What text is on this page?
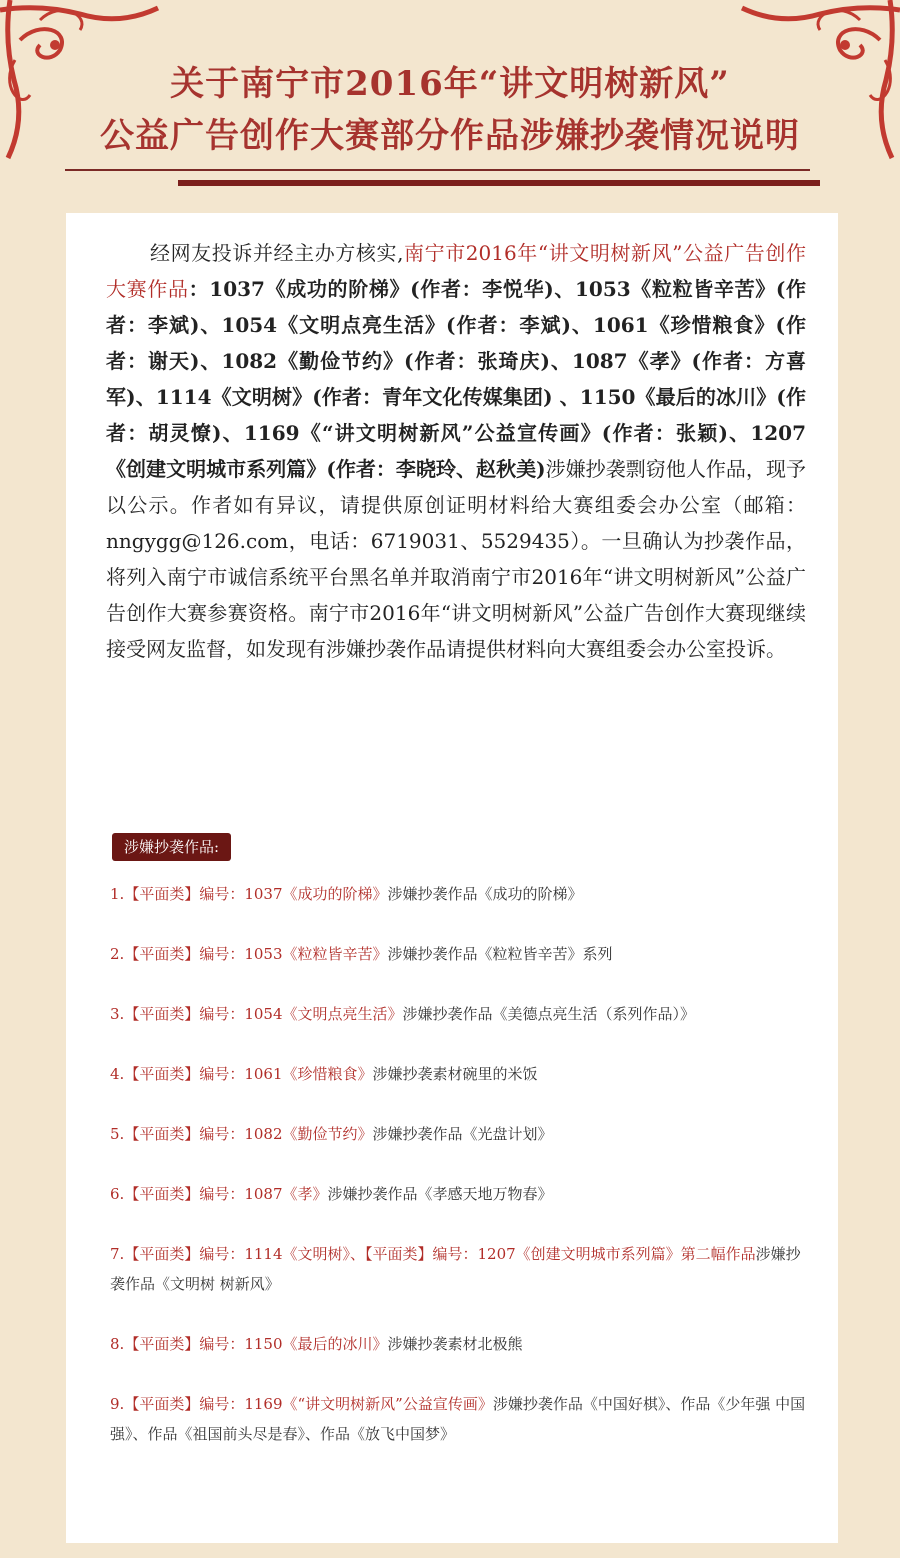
关于南宁市2016年“讲文明树新风”
公益广告创作大赛部分作品涉嫌抄袭情况说明
经网友投诉并经主办方核实,南宁市2016年“讲文明树新风”公益广告创作大赛作品：1037《成功的阶梯》(作者：李悦华)、1053《粒粒皆辛苦》(作者：李斌)、1054《文明点亮生活》(作者：李斌)、1061《珍惜粮食》(作者：谢天)、1082《勤俭节约》(作者：张琦庆)、1087《孝》(作者：方喜军)、1114《文明树》(作者：青年文化传媒集团) 、1150《最后的冰川》(作者：胡灵憭)、1169《“讲文明树新风”公益宣传画》(作者：张颖)、1207《创建文明城市系列篇》(作者：李晓玲、赵秋美)涉嫌抄袭剽窃他人作品，现予以公示。作者如有异议，请提供原创证明材料给大赛组委会办公室（邮箱：nngygg@126.com，电话：6719031、5529435）。一旦确认为抄袭作品，将列入南宁市诚信系统平台黑名单并取消南宁市2016年“讲文明树新风”公益广告创作大赛参赛资格。南宁市2016年“讲文明树新风”公益广告创作大赛现继续接受网友监督，如发现有涉嫌抄袭作品请提供材料向大赛组委会办公室投诉。
涉嫌抄袭作品:
1.【平面类】编号：1037《成功的阶梯》涉嫌抄袭作品《成功的阶梯》
2.【平面类】编号：1053《粒粒皆辛苦》涉嫌抄袭作品《粒粒皆辛苦》系列
3.【平面类】编号：1054《文明点亮生活》涉嫌抄袭作品《美德点亮生活（系列作品）》
4.【平面类】编号：1061《珍惜粮食》涉嫌抄袭素材碗里的米饭
5.【平面类】编号：1082《勤俭节约》涉嫌抄袭作品《光盘计划》
6.【平面类】编号：1087《孝》涉嫌抄袭作品《孝感天地万物春》
7.【平面类】编号：1114《文明树》、【平面类】编号：1207《创建文明城市系列篇》第二幅作品涉嫌抄袭作品《文明树 树新风》
8.【平面类】编号：1150《最后的冰川》涉嫌抄袭素材北极熊
9.【平面类】编号：1169《“讲文明树新风”公益宣传画》涉嫌抄袭作品《中国好棋》、作品《少年强 中国强》、作品《祖国前头尽是春》、作品《放飞中国梦》
